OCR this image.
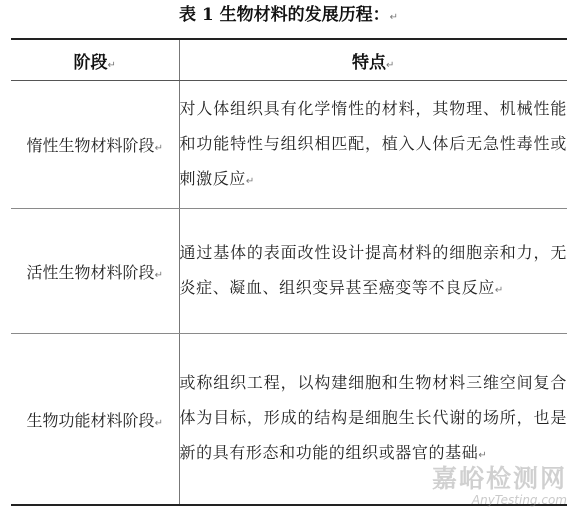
表 1 生物材料的发展历程：↵
阶段↵	特点↵
惰性生物材料阶段↵	对人体组织具有化学惰性的材料，其物理、机械性能和功能特性与组织相匹配，植入人体后无急性毒性或刺激反应↵
活性生物材料阶段↵	通过基体的表面改性设计提高材料的细胞亲和力，无炎症、凝血、组织变异甚至癌变等不良反应↵
生物功能材料阶段↵	或称组织工程，以构建细胞和生物材料三维空间复合体为目标，形成的结构是细胞生长代谢的场所，也是新的具有形态和功能的组织或器官的基础↵
嘉峪检测网
AnyTesting.com
